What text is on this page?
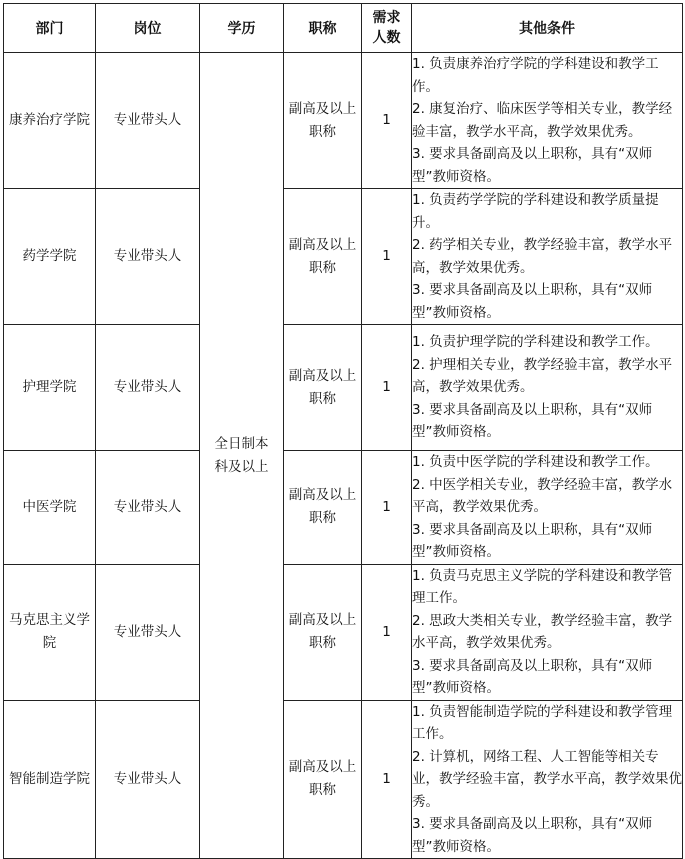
部门	岗位	学历	职称	需求人数	其他条件
康养治疗学院	专业带头人	全日制本科及以上	副高及以上职称	1	1. 负责康养治疗学院的学科建设和教学工作。
2. 康复治疗、临床医学等相关专业，教学经验丰富，教学水平高，教学效果优秀。
3. 要求具备副高及以上职称，具有“双师型”教师资格。

药学学院	专业带头人		副高及以上职称	1	1. 负责药学学院的学科建设和教学质量提升。
2. 药学相关专业，教学经验丰富，教学水平高，教学效果优秀。
3. 要求具备副高及以上职称，具有“双师型”教师资格。

护理学院	专业带头人		副高及以上职称	1	1. 负责护理学院的学科建设和教学工作。
2. 护理相关专业，教学经验丰富，教学水平高，教学效果优秀。
3. 要求具备副高及以上职称，具有“双师型”教师资格。

中医学院	专业带头人		副高及以上职称	1	1. 负责中医学院的学科建设和教学工作。
2. 中医学相关专业，教学经验丰富，教学水平高，教学效果优秀。
3. 要求具备副高及以上职称，具有“双师型”教师资格。

马克思主义学院	专业带头人		副高及以上职称	1	1. 负责马克思主义学院的学科建设和教学管理工作。
2. 思政大类相关专业，教学经验丰富，教学水平高，教学效果优秀。
3. 要求具备副高及以上职称，具有“双师型”教师资格。

智能制造学院	专业带头人		副高及以上职称	1	1. 负责智能制造学院的学科建设和教学管理工作。
2. 计算机，网络工程、人工智能等相关专业，教学经验丰富，教学水平高，教学效果优秀。
3. 要求具备副高及以上职称，具有“双师型”教师资格。
